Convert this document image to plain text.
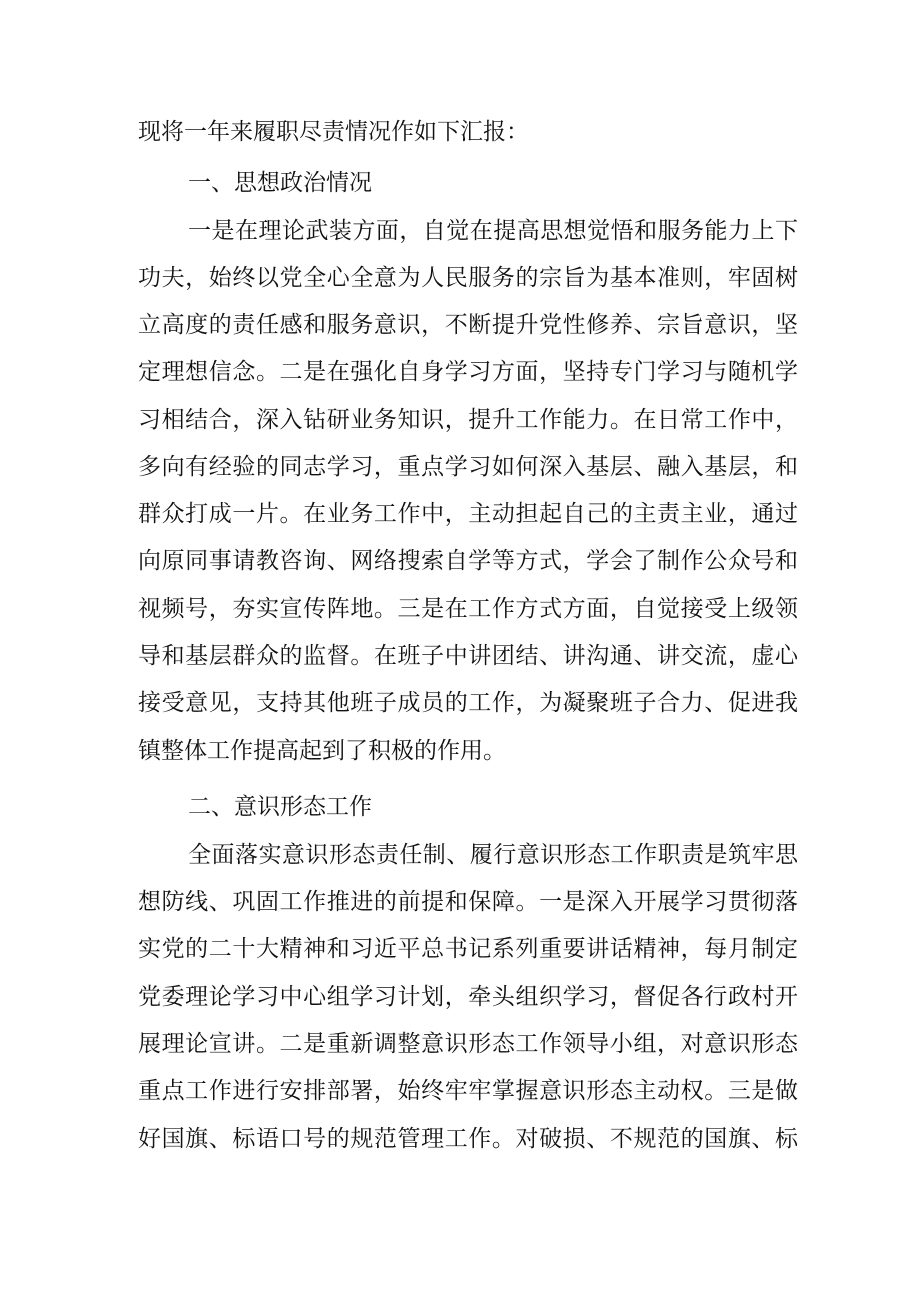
现将一年来履职尽责情况作如下汇报：
一、思想政治情况
一是在理论武装方面，自觉在提高思想觉悟和服务能力上下
功夫，始终以党全心全意为人民服务的宗旨为基本准则，牢固树
立高度的责任感和服务意识，不断提升党性修养、宗旨意识，坚
定理想信念。二是在强化自身学习方面，坚持专门学习与随机学
习相结合，深入钻研业务知识，提升工作能力。在日常工作中，
多向有经验的同志学习，重点学习如何深入基层、融入基层，和
群众打成一片。在业务工作中，主动担起自己的主责主业，通过
向原同事请教咨询、网络搜索自学等方式，学会了制作公众号和
视频号，夯实宣传阵地。三是在工作方式方面，自觉接受上级领
导和基层群众的监督。在班子中讲团结、讲沟通、讲交流，虚心
接受意见，支持其他班子成员的工作，为凝聚班子合力、促进我
镇整体工作提高起到了积极的作用。
二、意识形态工作
全面落实意识形态责任制、履行意识形态工作职责是筑牢思
想防线、巩固工作推进的前提和保障。一是深入开展学习贯彻落
实党的二十大精神和习近平总书记系列重要讲话精神，每月制定
党委理论学习中心组学习计划，牵头组织学习，督促各行政村开
展理论宣讲。二是重新调整意识形态工作领导小组，对意识形态
重点工作进行安排部署，始终牢牢掌握意识形态主动权。三是做
好国旗、标语口号的规范管理工作。对破损、不规范的国旗、标
